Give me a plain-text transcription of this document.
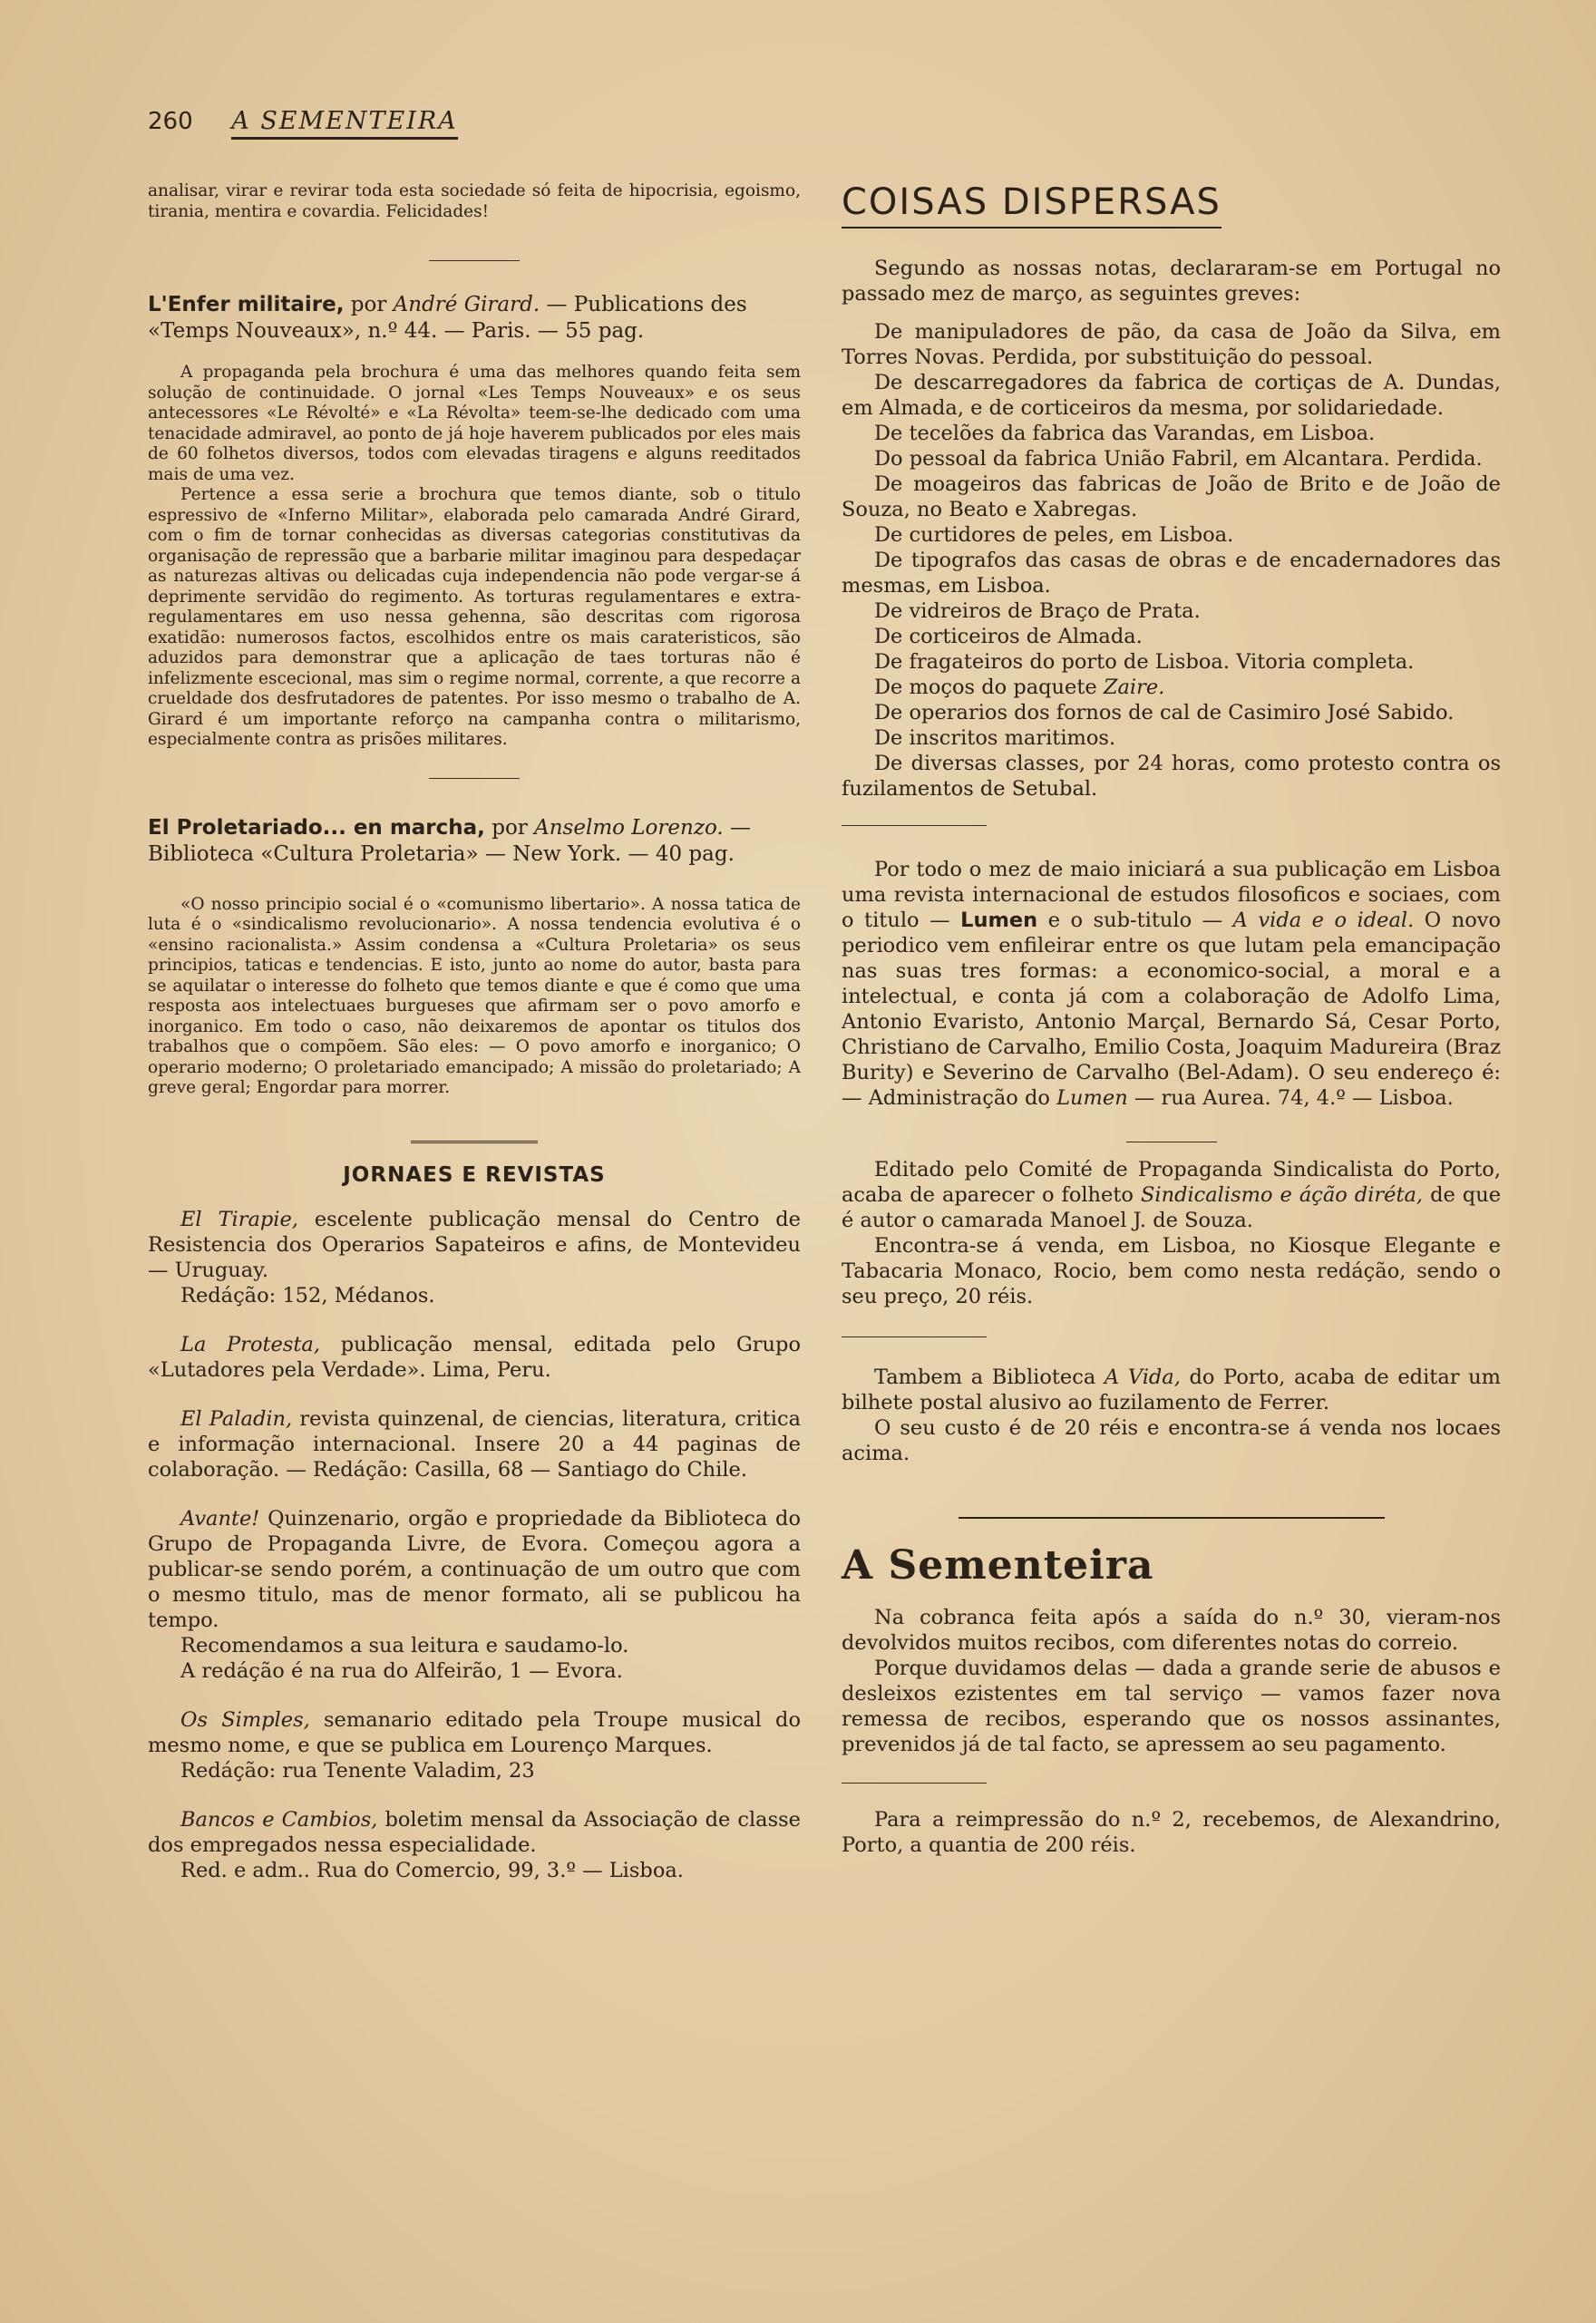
260 A SEMENTEIRA

analisar, virar e revirar toda esta sociedade só feita de hipocrisia, egoismo, tirania, mentira e covardia. Felicidades!

L'Enfer militaire, por André Girard. — Publications des «Temps Nouveaux», n.º 44. — Paris. — 55 pag.

A propaganda pela brochura é uma das melhores quando feita sem solução de continuidade. O jornal «Les Temps Nouveaux» e os seus antecessores «Le Révolté» e «La Révolta» teem-se-lhe dedicado com uma tenacidade admiravel, ao ponto de já hoje haverem publicados por eles mais de 60 folhetos diversos, todos com elevadas tiragens e alguns reeditados mais de uma vez.

Pertence a essa serie a brochura que temos diante, sob o titulo espressivo de «Inferno Militar», elaborada pelo camarada André Girard, com o fim de tornar conhecidas as diversas categorias constitutivas da organisação de repressão que a barbarie militar imaginou para despedaçar as naturezas altivas ou delicadas cuja independencia não pode vergar-se á deprimente servidão do regimento. As torturas regulamentares e extra-regulamentares em uso nessa gehenna, são descritas com rigorosa exatidão: numerosos factos, escolhidos entre os mais carateristicos, são aduzidos para demonstrar que a aplicação de taes torturas não é infelizmente escecional, mas sim o regime normal, corrente, a que recorre a crueldade dos desfrutadores de patentes. Por isso mesmo o trabalho de A. Girard é um importante reforço na campanha contra o militarismo, especialmente contra as prisões militares.

El Proletariado... en marcha, por Anselmo Lorenzo. — Biblioteca «Cultura Proletaria» — New York. — 40 pag.

«O nosso principio social é o «comunismo libertario». A nossa tatica de luta é o «sindicalismo revolucionario». A nossa tendencia evolutiva é o «ensino racionalista.» Assim condensa a «Cultura Proletaria» os seus principios, taticas e tendencias. E isto, junto ao nome do autor, basta para se aquilatar o interesse do folheto que temos diante e que é como que uma resposta aos intelectuaes burgueses que afirmam ser o povo amorfo e inorganico. Em todo o caso, não deixaremos de apontar os titulos dos trabalhos que o compõem. São eles: — O povo amorfo e inorganico; O operario moderno; O proletariado emancipado; A missão do proletariado; A greve geral; Engordar para morrer.

JORNAES E REVISTAS

El Tirapie, escelente publicação mensal do Centro de Resistencia dos Operarios Sapateiros e afins, de Montevideu — Uruguay.

Redáção: 152, Médanos.

La Protesta, publicação mensal, editada pelo Grupo «Lutadores pela Verdade». Lima, Peru.

El Paladin, revista quinzenal, de ciencias, literatura, critica e informação internacional. Insere 20 a 44 paginas de colaboração. — Redáção: Casilla, 68 — Santiago do Chile.

Avante! Quinzenario, orgão e propriedade da Biblioteca do Grupo de Propaganda Livre, de Evora. Começou agora a publicar-se sendo porém, a continuação de um outro que com o mesmo titulo, mas de menor formato, ali se publicou ha tempo.

Recomendamos a sua leitura e saudamo-lo.

A redáção é na rua do Alfeirão, 1 — Evora.

Os Simples, semanario editado pela Troupe musical do mesmo nome, e que se publica em Lourenço Marques.

Redáção: rua Tenente Valadim, 23

Bancos e Cambios, boletim mensal da Associação de classe dos empregados nessa especialidade.

Red. e adm.. Rua do Comercio, 99, 3.º — Lisboa.

COISAS DISPERSAS

Segundo as nossas notas, declararam-se em Portugal no passado mez de março, as seguintes greves:

De manipuladores de pão, da casa de João da Silva, em Torres Novas. Perdida, por substituição do pessoal.

De descarregadores da fabrica de cortiças de A. Dundas, em Almada, e de corticeiros da mesma, por solidariedade.

De tecelões da fabrica das Varandas, em Lisboa.

Do pessoal da fabrica União Fabril, em Alcantara. Perdida.

De moageiros das fabricas de João de Brito e de João de Souza, no Beato e Xabregas.

De curtidores de peles, em Lisboa.

De tipografos das casas de obras e de encadernadores das mesmas, em Lisboa.

De vidreiros de Braço de Prata.

De corticeiros de Almada.

De fragateiros do porto de Lisboa. Vitoria completa.

De moços do paquete Zaire.

De operarios dos fornos de cal de Casimiro José Sabido.

De inscritos maritimos.

De diversas classes, por 24 horas, como protesto contra os fuzilamentos de Setubal.

Por todo o mez de maio iniciará a sua publicação em Lisboa uma revista internacional de estudos filosoficos e sociaes, com o titulo — Lumen e o sub-titulo — A vida e o ideal. O novo periodico vem enfileirar entre os que lutam pela emancipação nas suas tres formas: a economico-social, a moral e a intelectual, e conta já com a colaboração de Adolfo Lima, Antonio Evaristo, Antonio Marçal, Bernardo Sá, Cesar Porto, Christiano de Carvalho, Emilio Costa, Joaquim Madureira (Braz Burity) e Severino de Carvalho (Bel-Adam). O seu endereço é: — Administração do Lumen — rua Aurea. 74, 4.º — Lisboa.

Editado pelo Comité de Propaganda Sindicalista do Porto, acaba de aparecer o folheto Sindicalismo e áção diréta, de que é autor o camarada Manoel J. de Souza.

Encontra-se á venda, em Lisboa, no Kiosque Elegante e Tabacaria Monaco, Rocio, bem como nesta redáção, sendo o seu preço, 20 réis.

Tambem a Biblioteca A Vida, do Porto, acaba de editar um bilhete postal alusivo ao fuzilamento de Ferrer.

O seu custo é de 20 réis e encontra-se á venda nos locaes acima.

A Sementeira

Na cobranca feita após a saída do n.º 30, vieram-nos devolvidos muitos recibos, com diferentes notas do correio.

Porque duvidamos delas — dada a grande serie de abusos e desleixos ezistentes em tal serviço — vamos fazer nova remessa de recibos, esperando que os nossos assinantes, prevenidos já de tal facto, se apressem ao seu pagamento.

Para a reimpressão do n.º 2, recebemos, de Alexandrino, Porto, a quantia de 200 réis.
